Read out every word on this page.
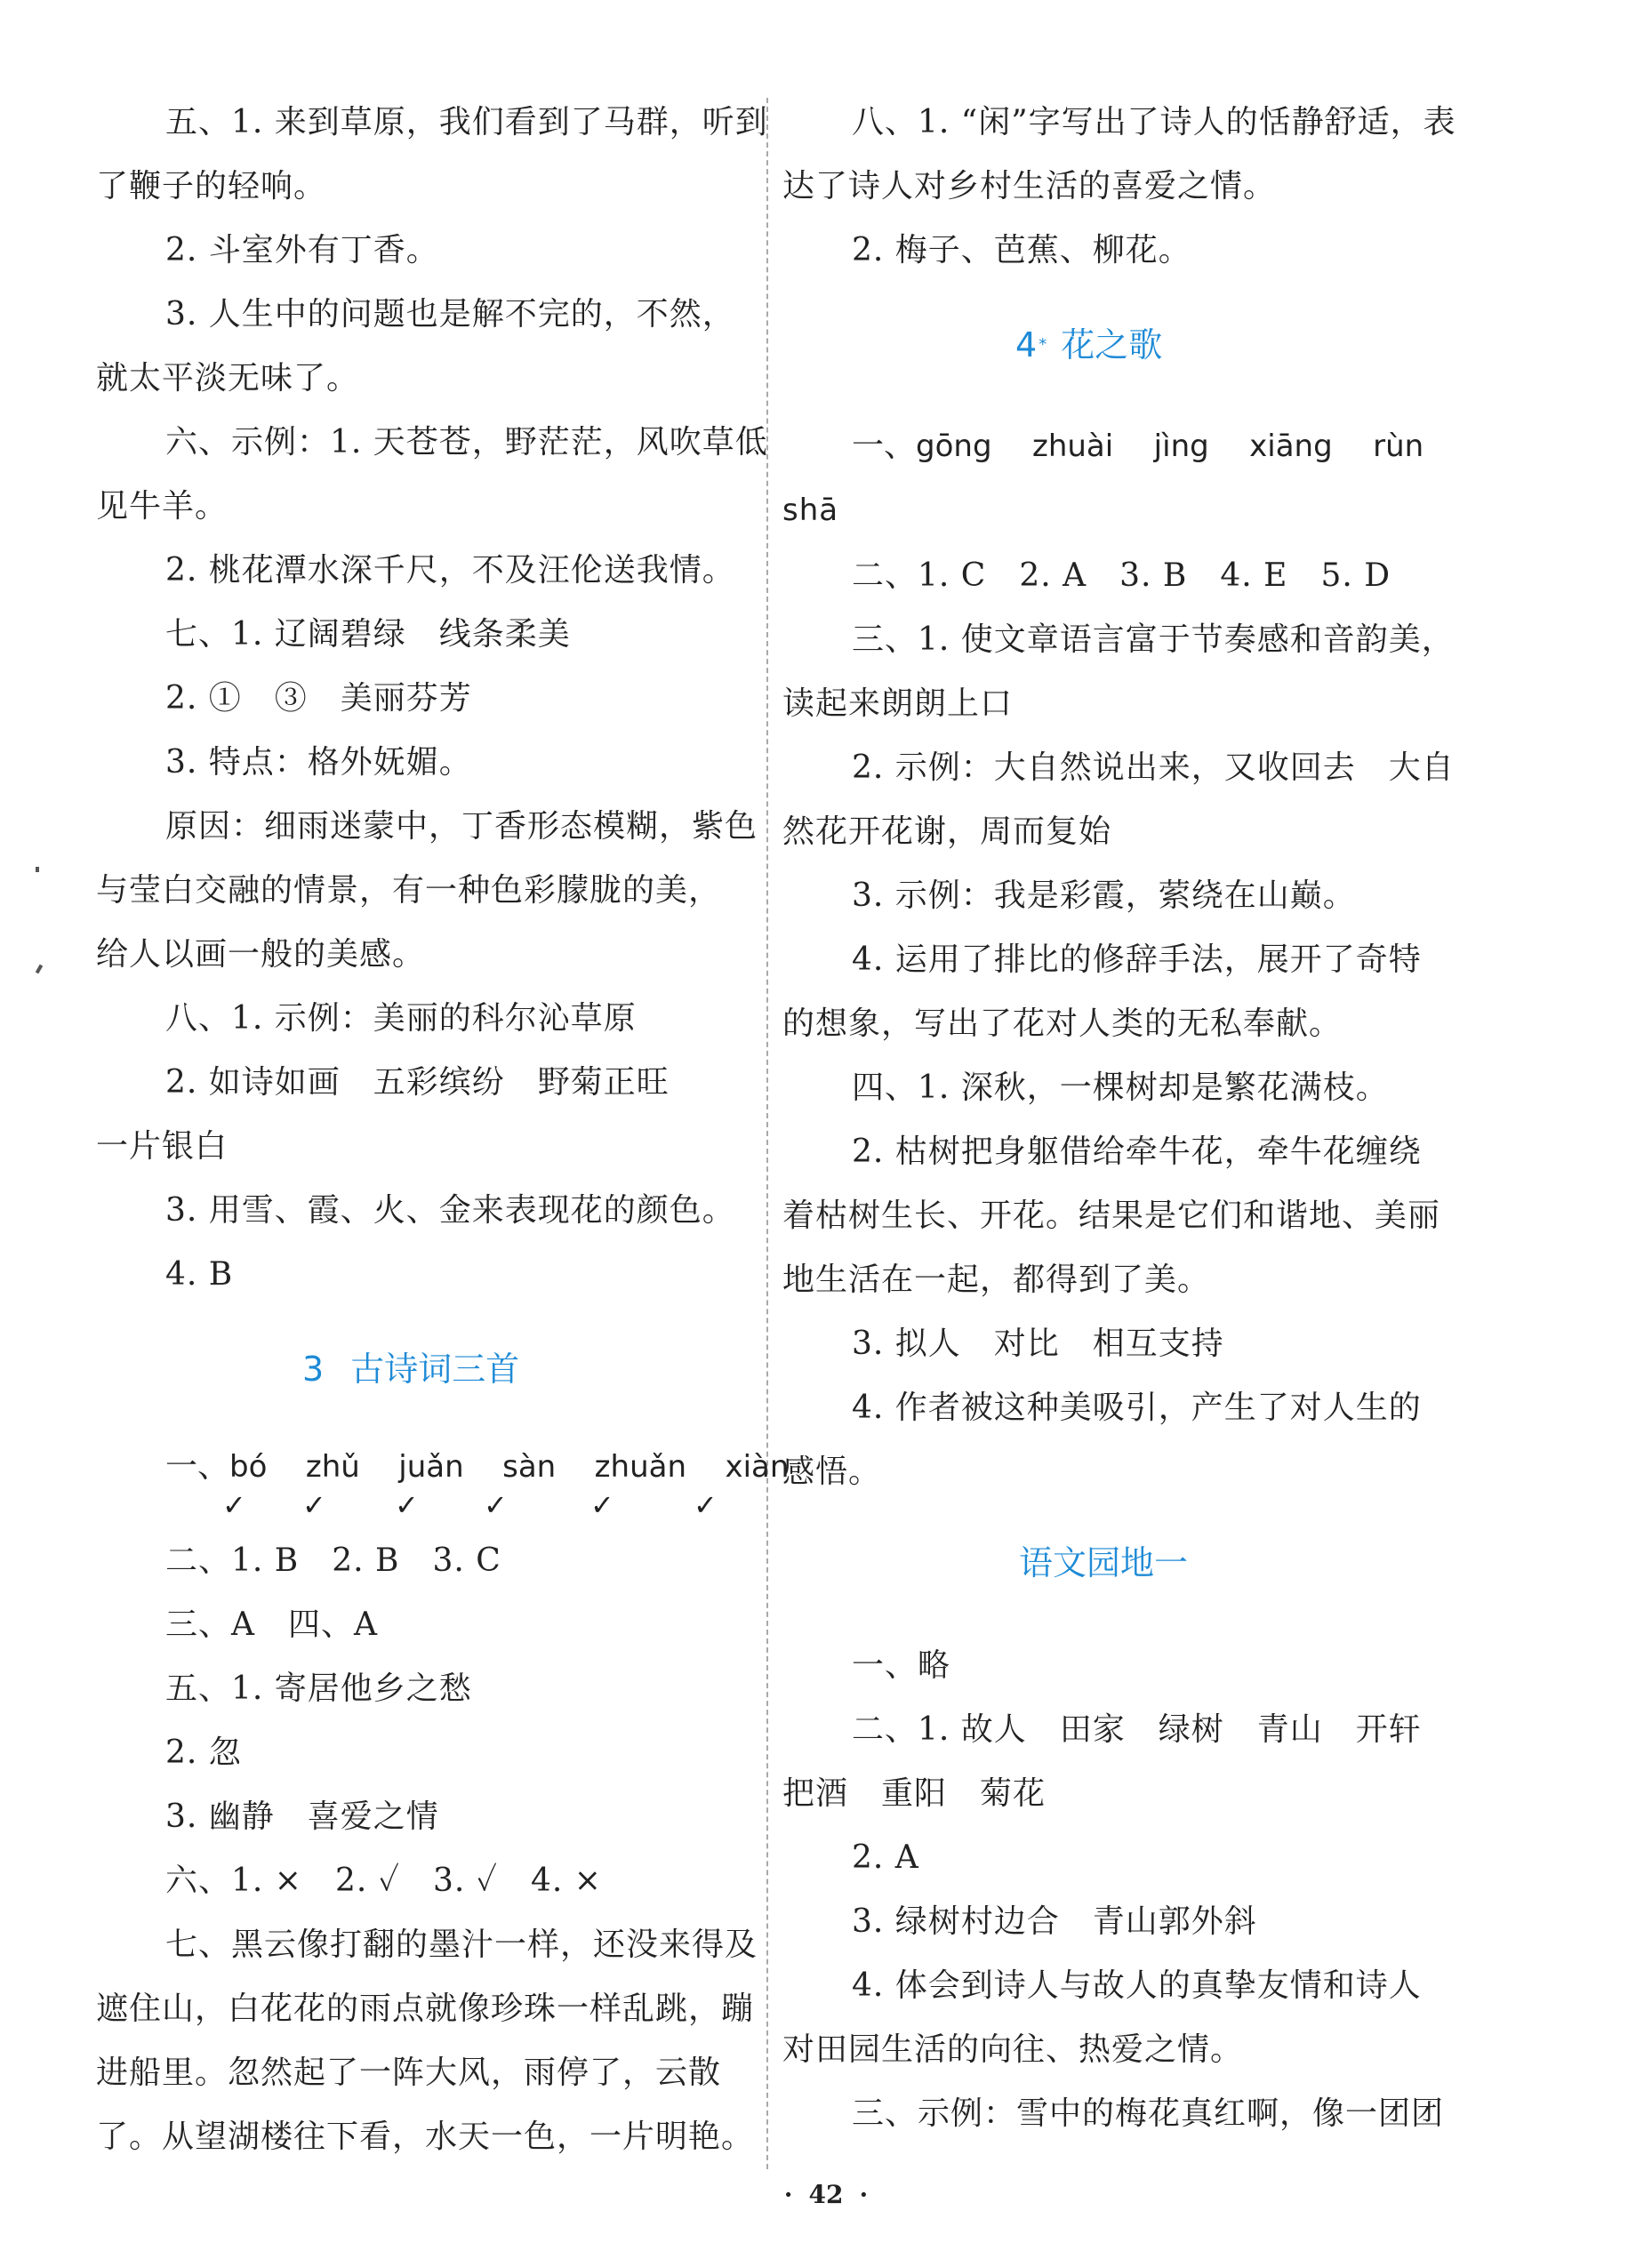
五、1. 来到草原，我们看到了马群，听到
了鞭子的轻响。
2. 斗室外有丁香。
3. 人生中的问题也是解不完的，不然，
就太平淡无味了。
六、示例：1. 天苍苍，野茫茫，风吹草低
见牛羊。
2. 桃花潭水深千尺，不及汪伦送我情。
七、1. 辽阔碧绿　线条柔美
2. ①　③　美丽芬芳
3. 特点：格外妩媚。
原因：细雨迷蒙中，丁香形态模糊，紫色
与莹白交融的情景，有一种色彩朦胧的美，
给人以画一般的美感。
八、1. 示例：美丽的科尔沁草原
2. 如诗如画　五彩缤纷　野菊正旺
一片银白
3. 用雪、霞、火、金来表现花的颜色。
4. B
3 古诗词三首
一、bó zhǔ juǎn sàn zhuǎn xiàn
✓ ✓ ✓ ✓	✓	✓
二、1. B　2. B　3. C
三、A　四、A
五、1. 寄居他乡之愁
2. 忽
3. 幽静　喜爱之情
六、1. ×　2. ✓　3. ✓　4. ×
七、黑云像打翻的墨汁一样，还没来得及
遮住山，白花花的雨点就像珍珠一样乱跳，蹦
进船里。忽然起了一阵大风，雨停了，云散
了。从望湖楼往下看，水天一色，一片明艳。
八、1. “闲”字写出了诗人的恬静舒适，表
达了诗人对乡村生活的喜爱之情。
2. 梅子、芭蕉、柳花。
4 * 花之歌
一、gōng zhuài jìng xiāng rùn
shā
二、1. C　2. A　3. B　4. E　5. D
三、1. 使文章语言富于节奏感和音韵美，
读起来朗朗上口
2. 示例：大自然说出来，又收回去　大自
然花开花谢，周而复始
3. 示例：我是彩霞，萦绕在山巅。
4. 运用了排比的修辞手法，展开了奇特
的想象，写出了花对人类的无私奉献。
四、1. 深秋，一棵树却是繁花满枝。
2. 枯树把身躯借给牵牛花，牵牛花缠绕
着枯树生长、开花。结果是它们和谐地、美丽
地生活在一起，都得到了美。
3. 拟人　对比　相互支持
4. 作者被这种美吸引，产生了对人生的
感悟。
语文园地一
一、略
二、1. 故人　田家　绿树　青山　开轩
把酒　重阳　菊花
2. A
3. 绿树村边合　青山郭外斜
4. 体会到诗人与故人的真挚友情和诗人
对田园生活的向往、热爱之情。
三、示例：雪中的梅花真红啊，像一团团
· 42 ·
